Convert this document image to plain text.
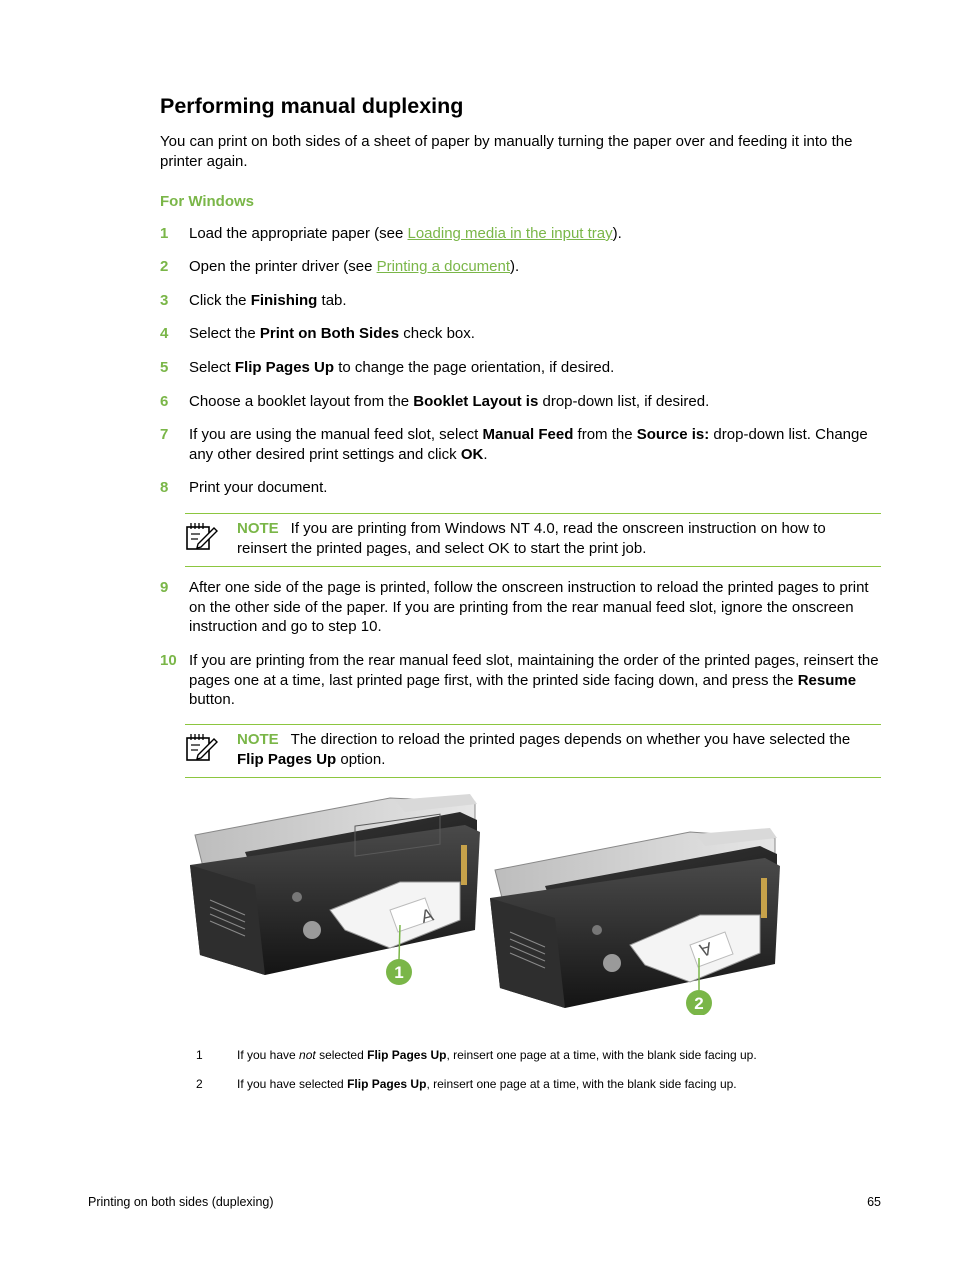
Performing manual duplexing

You can print on both sides of a sheet of paper by manually turning the paper over and feeding it into the printer again.

For Windows
1 Load the appropriate paper (see Loading media in the input tray).
2 Open the printer driver (see Printing a document).
3 Click the Finishing tab.
4 Select the Print on Both Sides check box.
5 Select Flip Pages Up to change the page orientation, if desired.
6 Choose a booklet layout from the Booklet Layout is drop-down list, if desired.
7 If you are using the manual feed slot, select Manual Feed from the Source is: drop-down list. Change any other desired print settings and click OK.
8 Print your document.
NOTE If you are printing from Windows NT 4.0, read the onscreen instruction on how to reinsert the printed pages, and select OK to start the print job.
9 After one side of the page is printed, follow the onscreen instruction to reload the printed pages to print on the other side of the paper. If you are printing from the rear manual feed slot, ignore the onscreen instruction and go to step 10.
10 If you are printing from the rear manual feed slot, maintaining the order of the printed pages, reinsert the pages one at a time, last printed page first, with the printed side facing down, and press the Resume button.
NOTE The direction to reload the printed pages depends on whether you have selected the Flip Pages Up option.
A
1
A
2
1	If you have not selected Flip Pages Up, reinsert one page at a time, with the blank side facing up.
2	If you have selected Flip Pages Up, reinsert one page at a time, with the blank side facing up.
Printing on both sides (duplexing)	65
